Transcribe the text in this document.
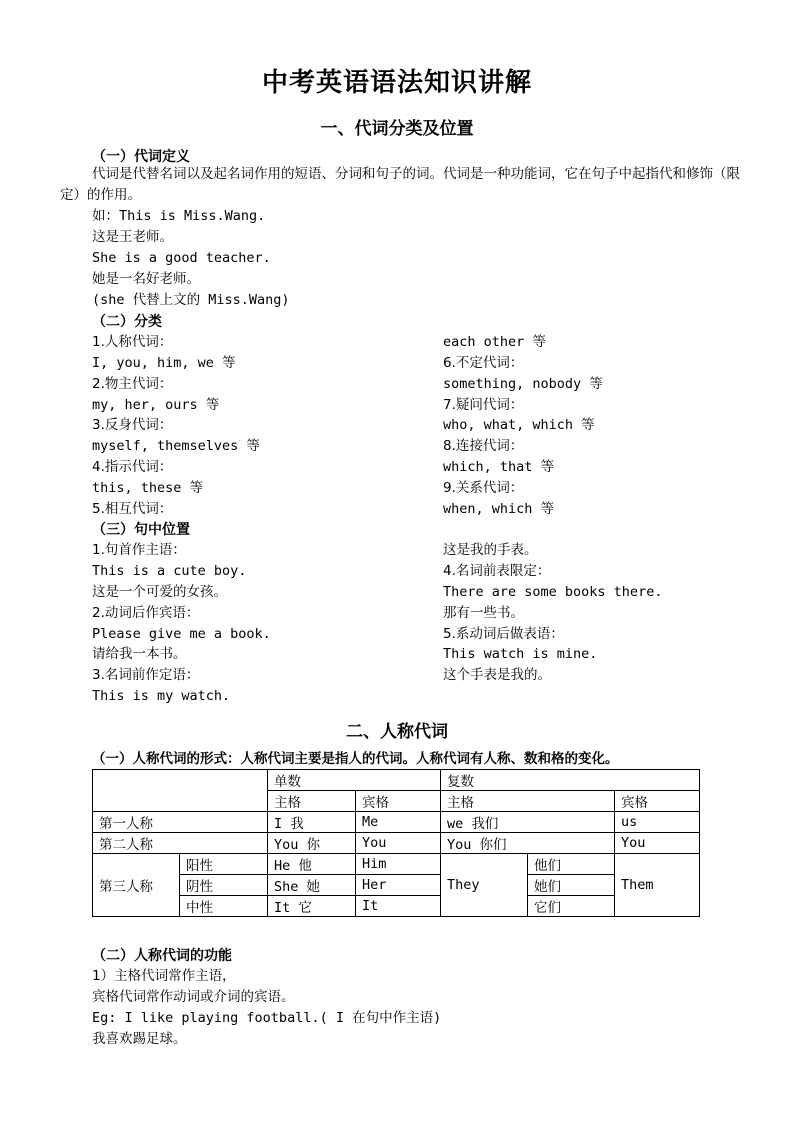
中考英语语法知识讲解
一、代词分类及位置
（一）代词定义
代词是代替名词以及起名词作用的短语、分词和句子的词。代词是一种功能词，它在句子中起指代和修饰（限定）的作用。
如：This is Miss.Wang.
这是王老师。
She is a good teacher.
她是一名好老师。
(she 代替上文的 Miss.Wang)
（二）分类
1.人称代词：
I, you, him, we 等
2.物主代词：
my, her, ours 等
3.反身代词：
myself, themselves 等
4.指示代词：
this, these 等
5.相互代词：
each other 等
6.不定代词：
something, nobody 等
7.疑问代词：
who, what, which 等
8.连接代词：
which, that 等
9.关系代词：
when, which 等
（三）句中位置
1.句首作主语：
This is a cute boy.
这是一个可爱的女孩。
2.动词后作宾语：
Please give me a book.
请给我一本书。
3.名词前作定语：
This is my watch.
这是我的手表。
4.名词前表限定：
There are some books there.
那有一些书。
5.系动词后做表语：
This watch is mine.
这个手表是我的。
二、人称代词
（一）人称代词的形式：人称代词主要是指人的代词。人称代词有人称、数和格的变化。
		单数		复数		
		主格	宾格	主格		宾格
第一人称		I 我	Me	we 我们		us
第二人称		You 你	You	You 你们		You
第三人称	阳性	He 他	Him	They	他们	Them
	阴性	She 她	Her		她们	
	中性	It 它	It		它们	
（二）人称代词的功能
1）主格代词常作主语，
宾格代词常作动词或介词的宾语。
Eg: I like playing football.( I 在句中作主语)
我喜欢踢足球。
